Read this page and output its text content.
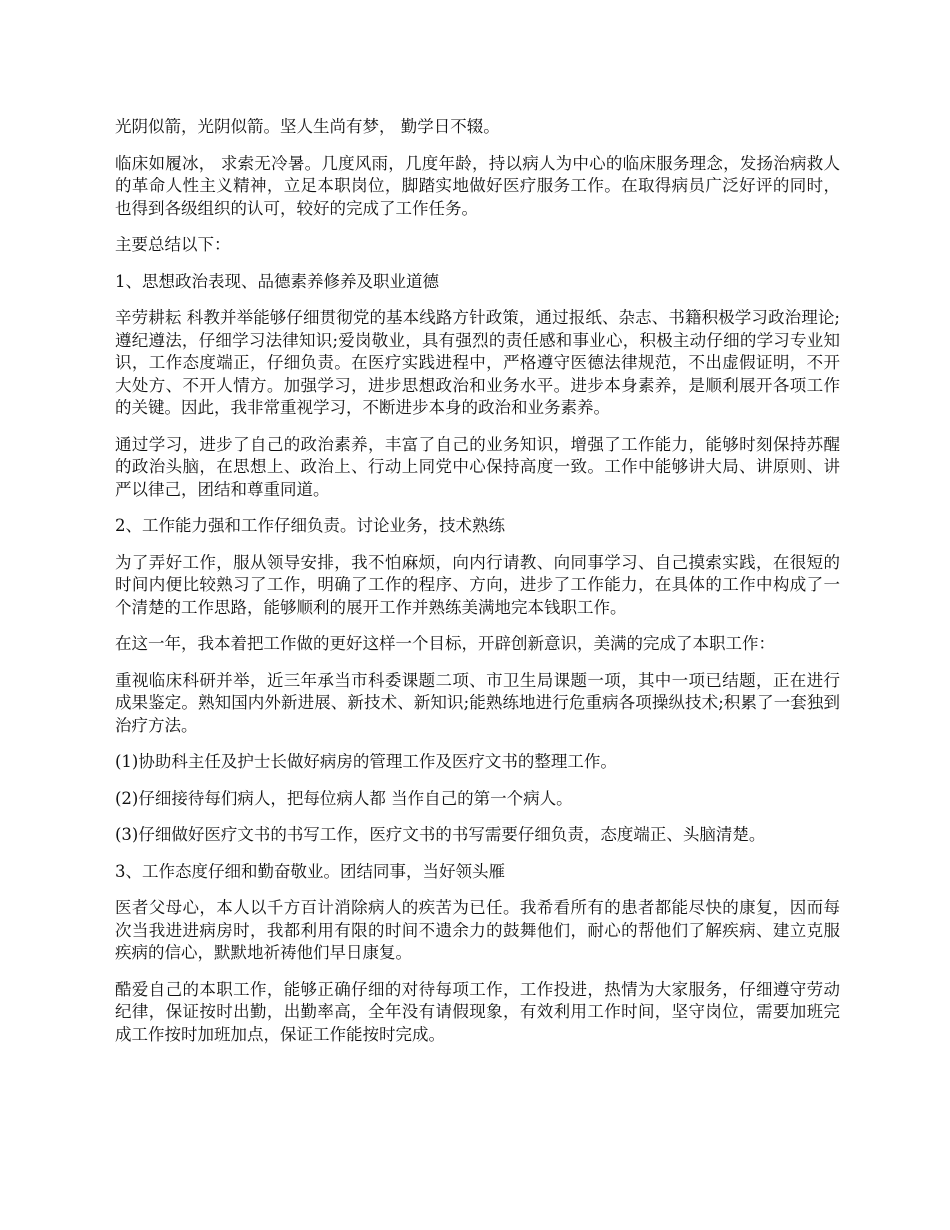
光阴似箭，光阴似箭。坚人生尚有梦， 勤学日不辍。

临床如履冰， 求索无冷暑。几度风雨，几度年龄，持以病人为中心的临床服务理念，发扬治病救人的革命人性主义精神，立足本职岗位，脚踏实地做好医疗服务工作。在取得病员广泛好评的同时，也得到各级组织的认可，较好的完成了工作任务。

主要总结以下：

1、思想政治表现、品德素养修养及职业道德

辛劳耕耘 科教并举能够仔细贯彻党的基本线路方针政策，通过报纸、杂志、书籍积极学习政治理论;遵纪遵法，仔细学习法律知识;爱岗敬业，具有强烈的责任感和事业心，积极主动仔细的学习专业知识，工作态度端正，仔细负责。在医疗实践进程中，严格遵守医德法律规范，不出虚假证明，不开大处方、不开人情方。加强学习，进步思想政治和业务水平。进步本身素养，是顺利展开各项工作的关键。因此，我非常重视学习，不断进步本身的政治和业务素养。

通过学习，进步了自己的政治素养，丰富了自己的业务知识，增强了工作能力，能够时刻保持苏醒的政治头脑，在思想上、政治上、行动上同党中心保持高度一致。工作中能够讲大局、讲原则、讲严以律己，团结和尊重同道。

2、工作能力强和工作仔细负责。讨论业务，技术熟练

为了弄好工作，服从领导安排，我不怕麻烦，向内行请教、向同事学习、自己摸索实践，在很短的时间内便比较熟习了工作，明确了工作的程序、方向，进步了工作能力，在具体的工作中构成了一个清楚的工作思路，能够顺利的展开工作并熟练美满地完本钱职工作。

在这一年，我本着把工作做的更好这样一个目标，开辟创新意识，美满的完成了本职工作：

重视临床科研并举，近三年承当市科委课题二项、市卫生局课题一项，其中一项已结题，正在进行成果鉴定。熟知国内外新进展、新技术、新知识;能熟练地进行危重病各项操纵技术;积累了一套独到治疗方法。

(1)协助科主任及护士长做好病房的管理工作及医疗文书的整理工作。

(2)仔细接待每们病人，把每位病人都 当作自己的第一个病人。

(3)仔细做好医疗文书的书写工作，医疗文书的书写需要仔细负责，态度端正、头脑清楚。

3、工作态度仔细和勤奋敬业。团结同事，当好领头雁

医者父母心，本人以千方百计消除病人的疾苦为已任。我希看所有的患者都能尽快的康复，因而每次当我进进病房时，我都利用有限的时间不遗余力的鼓舞他们，耐心的帮他们了解疾病、建立克服疾病的信心，默默地祈祷他们早日康复。

酷爱自己的本职工作，能够正确仔细的对待每项工作，工作投进，热情为大家服务，仔细遵守劳动纪律，保证按时出勤，出勤率高，全年没有请假现象，有效利用工作时间，坚守岗位，需要加班完成工作按时加班加点，保证工作能按时完成。
